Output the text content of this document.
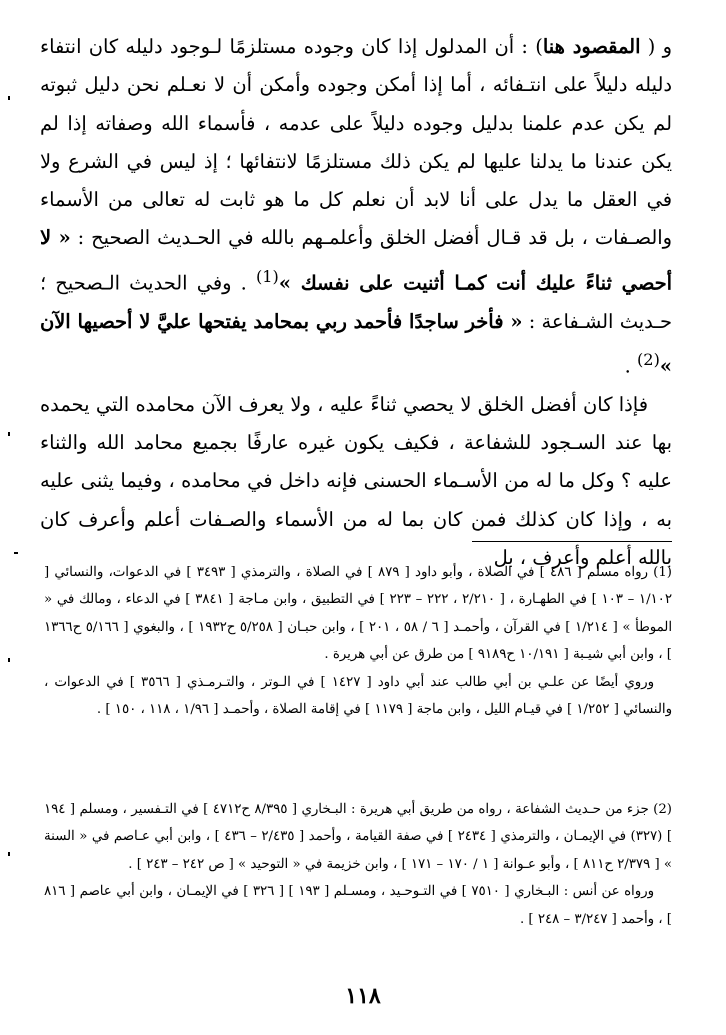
و ( المقصود هنا) : أن المدلول إذا كان وجوده مستلزمًا لـوجود دليله كان انتفاء دليله دليلاً على انتـفائه ، أما إذا أمكن وجوده وأمكن أن لا نعـلم نحن دليل ثبوته لم يكن عدم علمنا بدليل وجوده دليلاً على عدمه ، فأسماء الله وصفاته إذا لم يكن عندنا ما يدلنا عليها لم يكن ذلك مستلزمًا لانتفائها ؛ إذ ليس في الشرع ولا في العقل ما يدل على أنا لابد أن نعلم كل ما هو ثابت له تعالى من الأسماء والصـفات ، بل قد قـال أفضل الخلق وأعلمـهم بالله في الحـديث الصحيح : « لا أحصي ثناءً عليك أنت كمـا أثنيت على نفسك »$^{(1)}$ . وفي الحديث الـصحيح ؛ حـديث الشـفاعة : « فأخر ساجدًا فأحمد ربي بمحامد يفتحها عليَّ لا أحصيها الآن »$^{(2)}$ .

فإذا كان أفضل الخلق لا يحصي ثناءً عليه ، ولا يعرف الآن محامده التي يحمده بها عند السـجود للشفاعة ، فكيف يكون غيره عارفًا بجميع محامد الله والثناء عليه ؟ وكل ما له من الأسـماء الحسنى فإنه داخل في محامده ، وفيما يثنى عليه به ، وإذا كان كذلك فمن كان بما له من الأسماء والصـفات أعلم وأعرف كان بالله أعلم وأعرف ، بل

(1) رواه مسلم [ ٤٨٦ ] في الصلاة ، وأبو داود [ ٨٧٩ ] في الصلاة ، والترمذي [ ٣٤٩٣ ] في الدعوات، والنسائي [ ١/١٠٢ – ١٠٣ ] في الطهـارة ، [ ٢/٢١٠ ، ٢٢٢ – ٢٢٣ ] في التطبيق ، وابن مـاجة [ ٣٨٤١ ] في الدعاء ، ومالك في « الموطأ » [ ١/٢١٤ ] في القرآن ، وأحمـد [ ٦ / ٥٨ ، ٢٠١ ] ، وابن حبـان [ ٥/٢٥٨ ح١٩٣٢ ] ، والبغوي [ ٥/١٦٦ ح١٣٦٦ ] ، وابن أبي شيـبة [ ١٠/١٩١ ح٩١٨٩ ] من طرق عن أبي هريرة .

وروي أيضًا عن علـي بن أبي طالب عند أبي داود [ ١٤٢٧ ] في الـوتر ، والتـرمـذي [ ٣٥٦٦ ] في الدعوات ، والنسائي [ ١/٢٥٢ ] في قيـام الليل ، وابن ماجة [ ١١٧٩ ] في إقامة الصلاة ، وأحمـد [ ١/٩٦ ، ١١٨ ، ١٥٠ ] .

(2) جزء من حـديث الشفاعة ، رواه من طريق أبي هريرة : البـخاري [ ٨/٣٩٥ ح٤٧١٢ ] في التـفسير ، ومسلم [ ١٩٤ ] (٣٢٧) في الإيمـان ، والترمذي [ ٢٤٣٤ ] في صفة القيامة ، وأحمد [ ٢/٤٣٥ – ٤٣٦ ] ، وابن أبي عـاصم في « السنة » [ ٢/٣٧٩ ح٨١١ ] ، وأبو عـوانة [ ١ / ١٧٠ – ١٧١ ] ، وابن خزيمة في « التوحيد » [ ص ٢٤٢ – ٢٤٣ ] .

ورواه عن أنس : البـخاري [ ٧٥١٠ ] في التـوحـيد ، ومسـلم [ ١٩٣ ] [ ٣٢٦ ] في الإيمـان ، وابن أبي عاصم [ ٨١٦ ] ، وأحمد [ ٣/٢٤٧ – ٢٤٨ ] .

١١٨
